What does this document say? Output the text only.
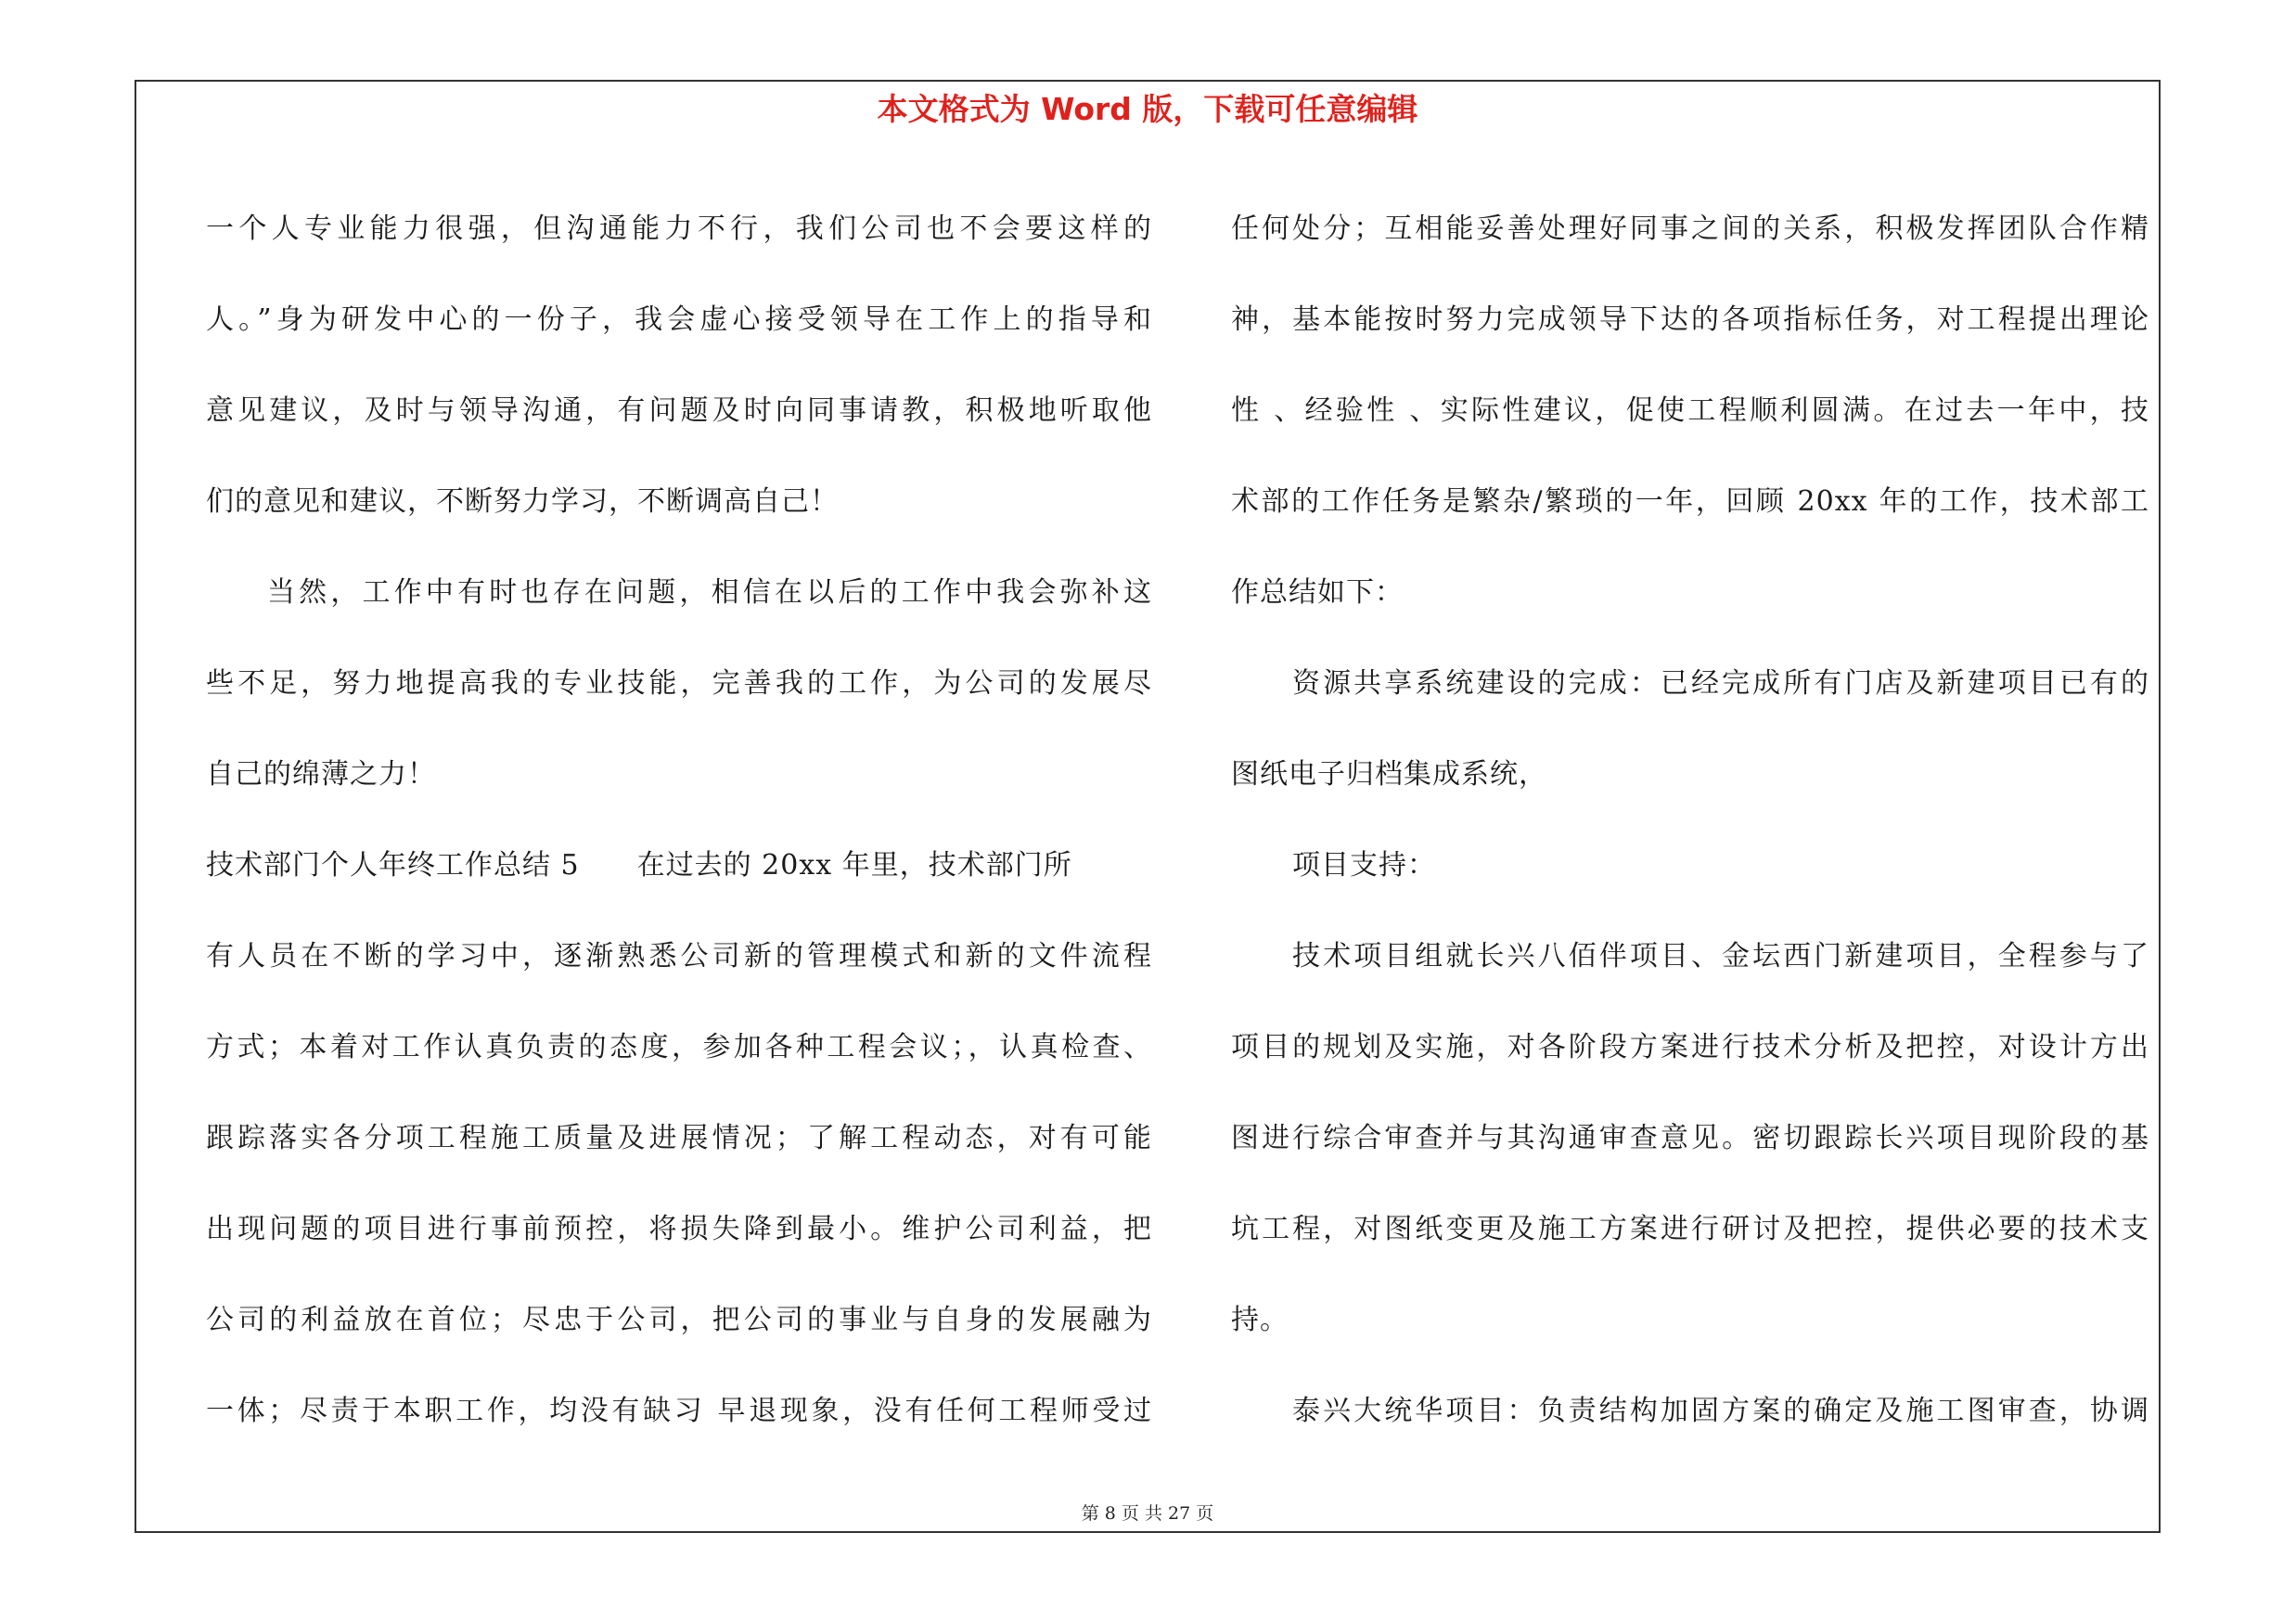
本文格式为 Word 版，下载可任意编辑
一个人专业能力很强，但沟通能力不行，我们公司也不会要这样的
人。”身为研发中心的一份子，我会虚心接受领导在工作上的指导和
意见建议，及时与领导沟通，有问题及时向同事请教，积极地听取他
们的意见和建议，不断努力学习，不断调高自己！
当然，工作中有时也存在问题，相信在以后的工作中我会弥补这
些不足，努力地提高我的专业技能，完善我的工作，为公司的发展尽
自己的绵薄之力！
技术部门个人年终工作总结 5　　在过去的 20xx 年里，技术部门所
有人员在不断的学习中，逐渐熟悉公司新的管理模式和新的文件流程
方式；本着对工作认真负责的态度，参加各种工程会议；，认真检查、
跟踪落实各分项工程施工质量及进展情况；了解工程动态，对有可能
出现问题的项目进行事前预控，将损失降到最小。维护公司利益，把
公司的利益放在首位；尽忠于公司，把公司的事业与自身的发展融为
一体；尽责于本职工作，均没有缺习 早退现象，没有任何工程师受过
任何处分；互相能妥善处理好同事之间的关系，积极发挥团队合作精
神，基本能按时努力完成领导下达的各项指标任务，对工程提出理论
性 、经验性 、实际性建议，促使工程顺利圆满。在过去一年中，技
术部的工作任务是繁杂/繁琐的一年，回顾 20xx 年的工作，技术部工
作总结如下：
资源共享系统建设的完成：已经完成所有门店及新建项目已有的
图纸电子归档集成系统，
项目支持：
技术项目组就长兴八佰伴项目、金坛西门新建项目，全程参与了
项目的规划及实施，对各阶段方案进行技术分析及把控，对设计方出
图进行综合审查并与其沟通审查意见。密切跟踪长兴项目现阶段的基
坑工程，对图纸变更及施工方案进行研讨及把控，提供必要的技术支
持。
泰兴大统华项目：负责结构加固方案的确定及施工图审查，协调
第 8 页 共 27 页
